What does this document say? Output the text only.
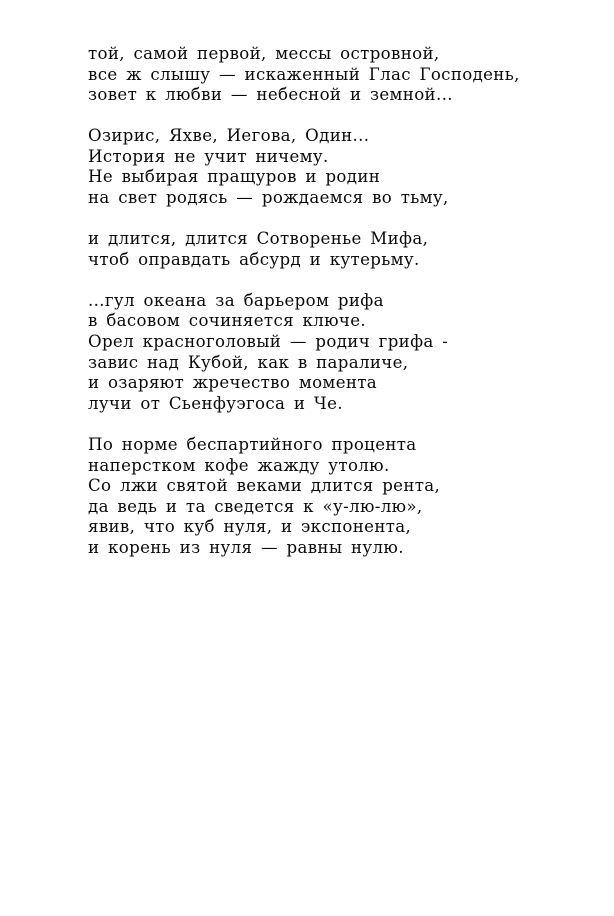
той, самой первой, мессы островной,
все ж слышу — искаженный Глас Господень,
зовет к любви — небесной и земной...
Озирис, Яхве, Иегова, Один...
История не учит ничему.
Не выбирая пращуров и родин
на свет родясь — рождаемся во тьму,
и длится, длится Сотворенье Мифа,
чтоб оправдать абсурд и кутерьму.
...гул океана за барьером рифа
в басовом сочиняется ключе.
Орел красноголовый — родич грифа -
завис над Кубой, как в параличе,
и озаряют жречество момента
лучи от Сьенфуэгоса и Че.
По норме беспартийного процента
наперстком кофе жажду утолю.
Со лжи святой веками длится рента,
да ведь и та сведется к «у-лю-лю»,
явив, что куб нуля, и экспонента,
и корень из нуля — равны нулю.
